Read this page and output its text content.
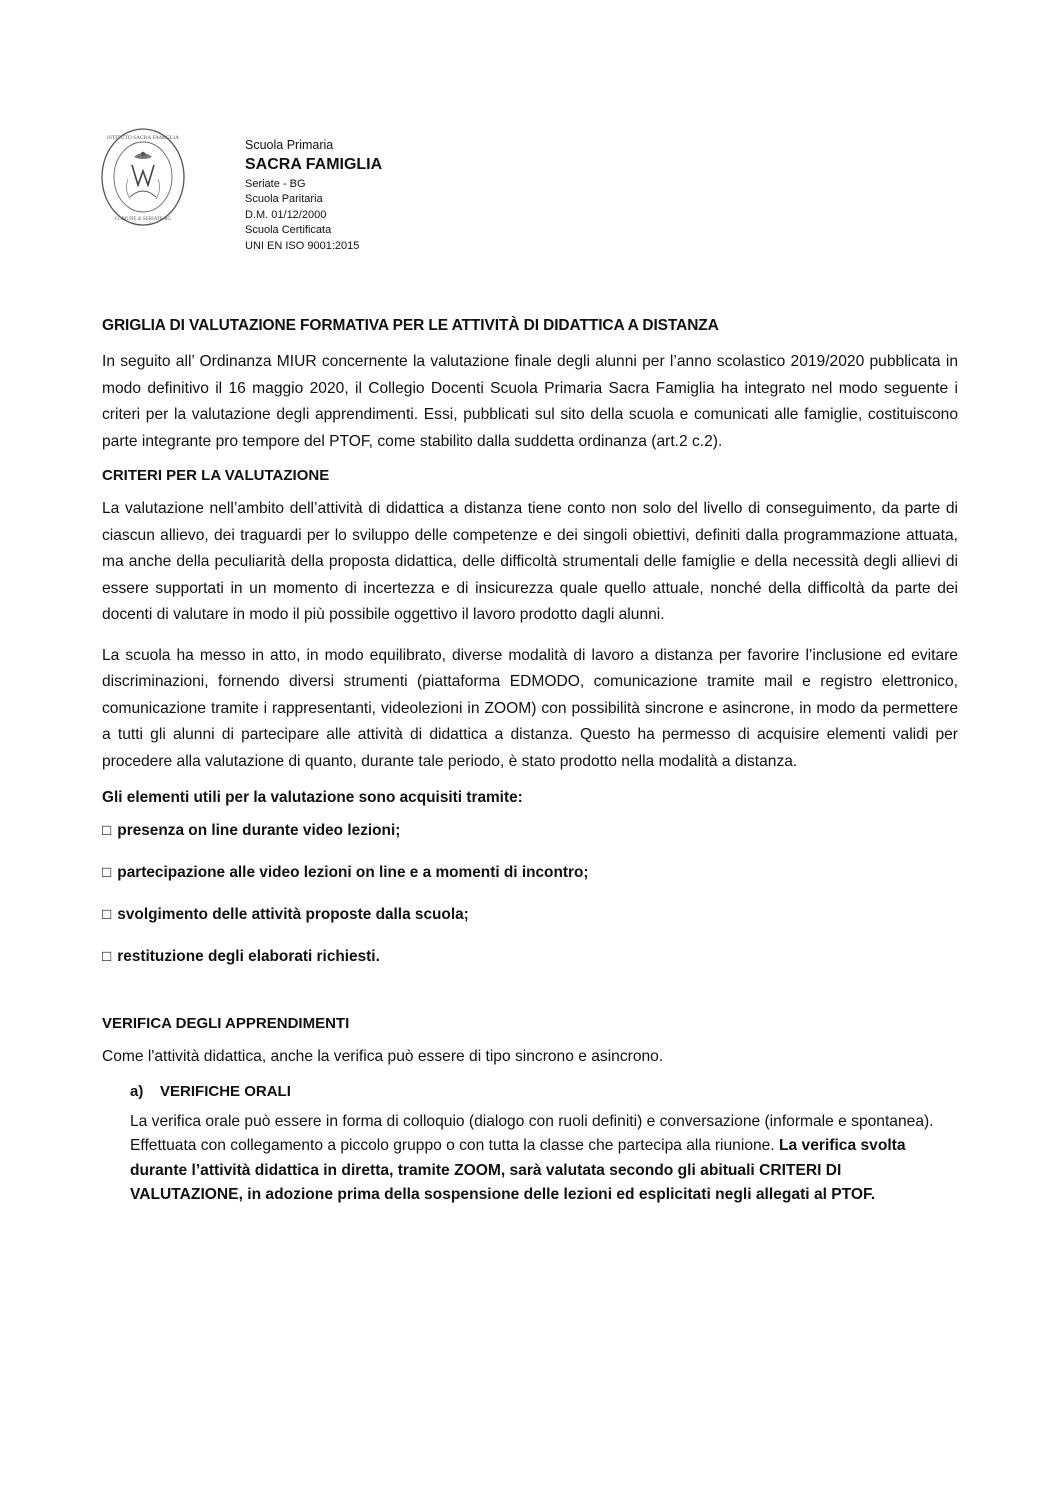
ISTITUTO SACRA FAMIGLIA
COMUNE di SERIATE BG
Scuola Primaria
SACRA FAMIGLIA
Seriate - BG
Scuola Paritaria
D.M. 01/12/2000
Scuola Certificata
UNI EN ISO 9001:2015
GRIGLIA DI VALUTAZIONE FORMATIVA PER LE ATTIVITÀ DI DIDATTICA A DISTANZA

In seguito all’ Ordinanza MIUR concernente la valutazione finale degli alunni per l’anno scolastico 2019/2020 pubblicata in modo definitivo il 16 maggio 2020, il Collegio Docenti Scuola Primaria Sacra Famiglia ha integrato nel modo seguente i criteri per la valutazione degli apprendimenti. Essi, pubblicati sul sito della scuola e comunicati alle famiglie, costituiscono parte integrante pro tempore del PTOF, come stabilito dalla suddetta ordinanza (art.2 c.2).

CRITERI PER LA VALUTAZIONE

La valutazione nell’ambito dell’attività di didattica a distanza tiene conto non solo del livello di conseguimento, da parte di ciascun allievo, dei traguardi per lo sviluppo delle competenze e dei singoli obiettivi, definiti dalla programmazione attuata, ma anche della peculiarità della proposta didattica, delle difficoltà strumentali delle famiglie e della necessità degli allievi di essere supportati in un momento di incertezza e di insicurezza quale quello attuale, nonché della difficoltà da parte dei docenti di valutare in modo il più possibile oggettivo il lavoro prodotto dagli alunni.

La scuola ha messo in atto, in modo equilibrato, diverse modalità di lavoro a distanza per favorire l’inclusione ed evitare discriminazioni, fornendo diversi strumenti (piattaforma EDMODO, comunicazione tramite mail e registro elettronico, comunicazione tramite i rappresentanti, videolezioni in ZOOM) con possibilità sincrone e asincrone, in modo da permettere a tutti gli alunni di partecipare alle attività di didattica a distanza. Questo ha permesso di acquisire elementi validi per procedere alla valutazione di quanto, durante tale periodo, è stato prodotto nella modalità a distanza.

Gli elementi utili per la valutazione sono acquisiti tramite:
□ presenza on line durante video lezioni;
□ partecipazione alle video lezioni on line e a momenti di incontro;
□ svolgimento delle attività proposte dalla scuola;
□ restituzione degli elaborati richiesti.
VERIFICA DEGLI APPRENDIMENTI

Come l'attività didattica, anche la verifica può essere di tipo sincrono e asincrono.

a) VERIFICHE ORALI

La verifica orale può essere in forma di colloquio (dialogo con ruoli definiti) e conversazione (informale e spontanea). Effettuata con collegamento a piccolo gruppo o con tutta la classe che partecipa alla riunione. La verifica svolta durante l’attività didattica in diretta, tramite ZOOM, sarà valutata secondo gli abituali CRITERI DI VALUTAZIONE, in adozione prima della sospensione delle lezioni ed esplicitati negli allegati al PTOF.
